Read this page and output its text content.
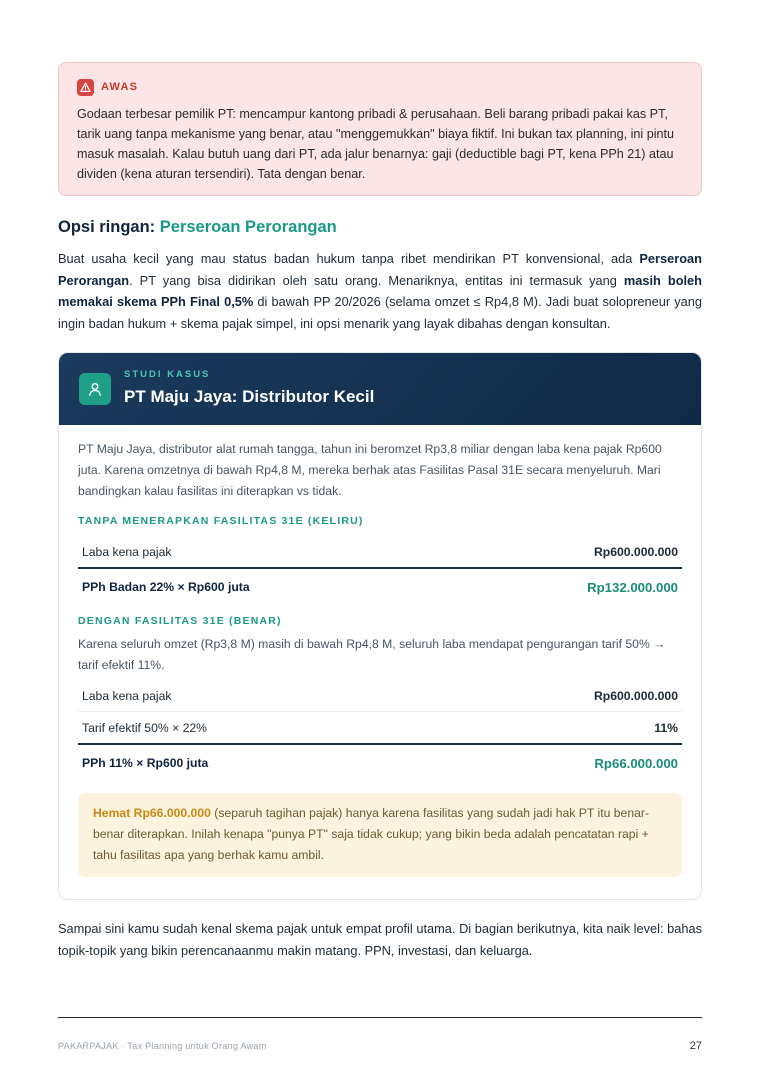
AWAS
Godaan terbesar pemilik PT: mencampur kantong pribadi & perusahaan. Beli barang pribadi pakai kas PT, tarik uang tanpa mekanisme yang benar, atau "menggemukkan" biaya fiktif. Ini bukan tax planning, ini pintu masuk masalah. Kalau butuh uang dari PT, ada jalur benarnya: gaji (deductible bagi PT, kena PPh 21) atau dividen (kena aturan tersendiri). Tata dengan benar.
Opsi ringan: Perseroan Perorangan
Buat usaha kecil yang mau status badan hukum tanpa ribet mendirikan PT konvensional, ada Perseroan Perorangan. PT yang bisa didirikan oleh satu orang. Menariknya, entitas ini termasuk yang masih boleh memakai skema PPh Final 0,5% di bawah PP 20/2026 (selama omzet ≤ Rp4,8 M). Jadi buat solopreneur yang ingin badan hukum + skema pajak simpel, ini opsi menarik yang layak dibahas dengan konsultan.
STUDI KASUS
PT Maju Jaya: Distributor Kecil
PT Maju Jaya, distributor alat rumah tangga, tahun ini beromzet Rp3,8 miliar dengan laba kena pajak Rp600 juta. Karena omzetnya di bawah Rp4,8 M, mereka berhak atas Fasilitas Pasal 31E secara menyeluruh. Mari bandingkan kalau fasilitas ini diterapkan vs tidak.
TANPA MENERAPKAN FASILITAS 31E (KELIRU)
Laba kena pajak	Rp600.000.000
PPh Badan 22% × Rp600 juta	Rp132.000.000
DENGAN FASILITAS 31E (BENAR)
Karena seluruh omzet (Rp3,8 M) masih di bawah Rp4,8 M, seluruh laba mendapat pengurangan tarif 50% → tarif efektif 11%.
Laba kena pajak	Rp600.000.000
Tarif efektif 50% × 22%	11%
PPh 11% × Rp600 juta	Rp66.000.000
Hemat Rp66.000.000 (separuh tagihan pajak) hanya karena fasilitas yang sudah jadi hak PT itu benar-benar diterapkan. Inilah kenapa "punya PT" saja tidak cukup; yang bikin beda adalah pencatatan rapi + tahu fasilitas apa yang berhak kamu ambil.
Sampai sini kamu sudah kenal skema pajak untuk empat profil utama. Di bagian berikutnya, kita naik level: bahas topik-topik yang bikin perencanaanmu makin matang. PPN, investasi, dan keluarga.
PAKARPAJAK · Tax Planning untuk Orang Awam	27
